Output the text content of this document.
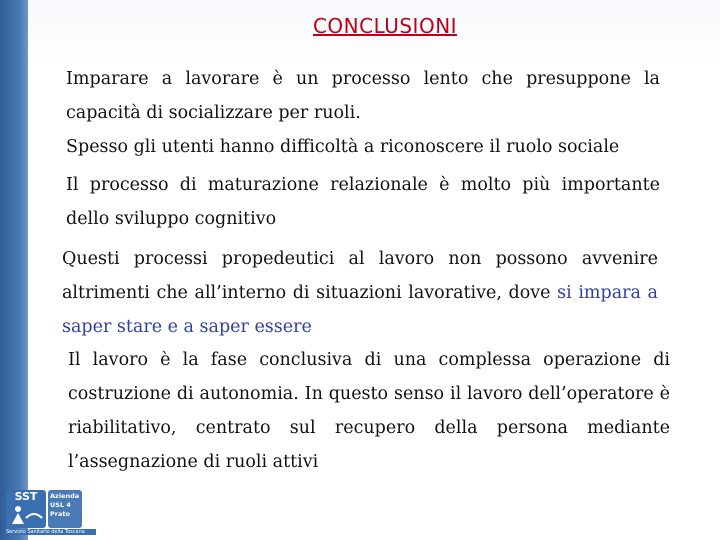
CONCLUSIONI
Imparare a lavorare è un processo lento che presuppone la capacità di socializzare per ruoli.
Spesso gli utenti hanno difficoltà a riconoscere il ruolo sociale
Il processo di maturazione relazionale è molto più importante dello sviluppo cognitivo
Questi processi propedeutici al lavoro non possono avvenire altrimenti che all’interno di situazioni lavorative, dove si impara a saper stare e a saper essere
Il lavoro è la fase conclusiva di una complessa operazione di costruzione di autonomia. In questo senso il lavoro dell’operatore è riabilitativo, centrato sul recupero della persona mediante l’assegnazione di ruoli attivi
SST	Azienda USL 4 Prato
Servizio Sanitario della Toscana
